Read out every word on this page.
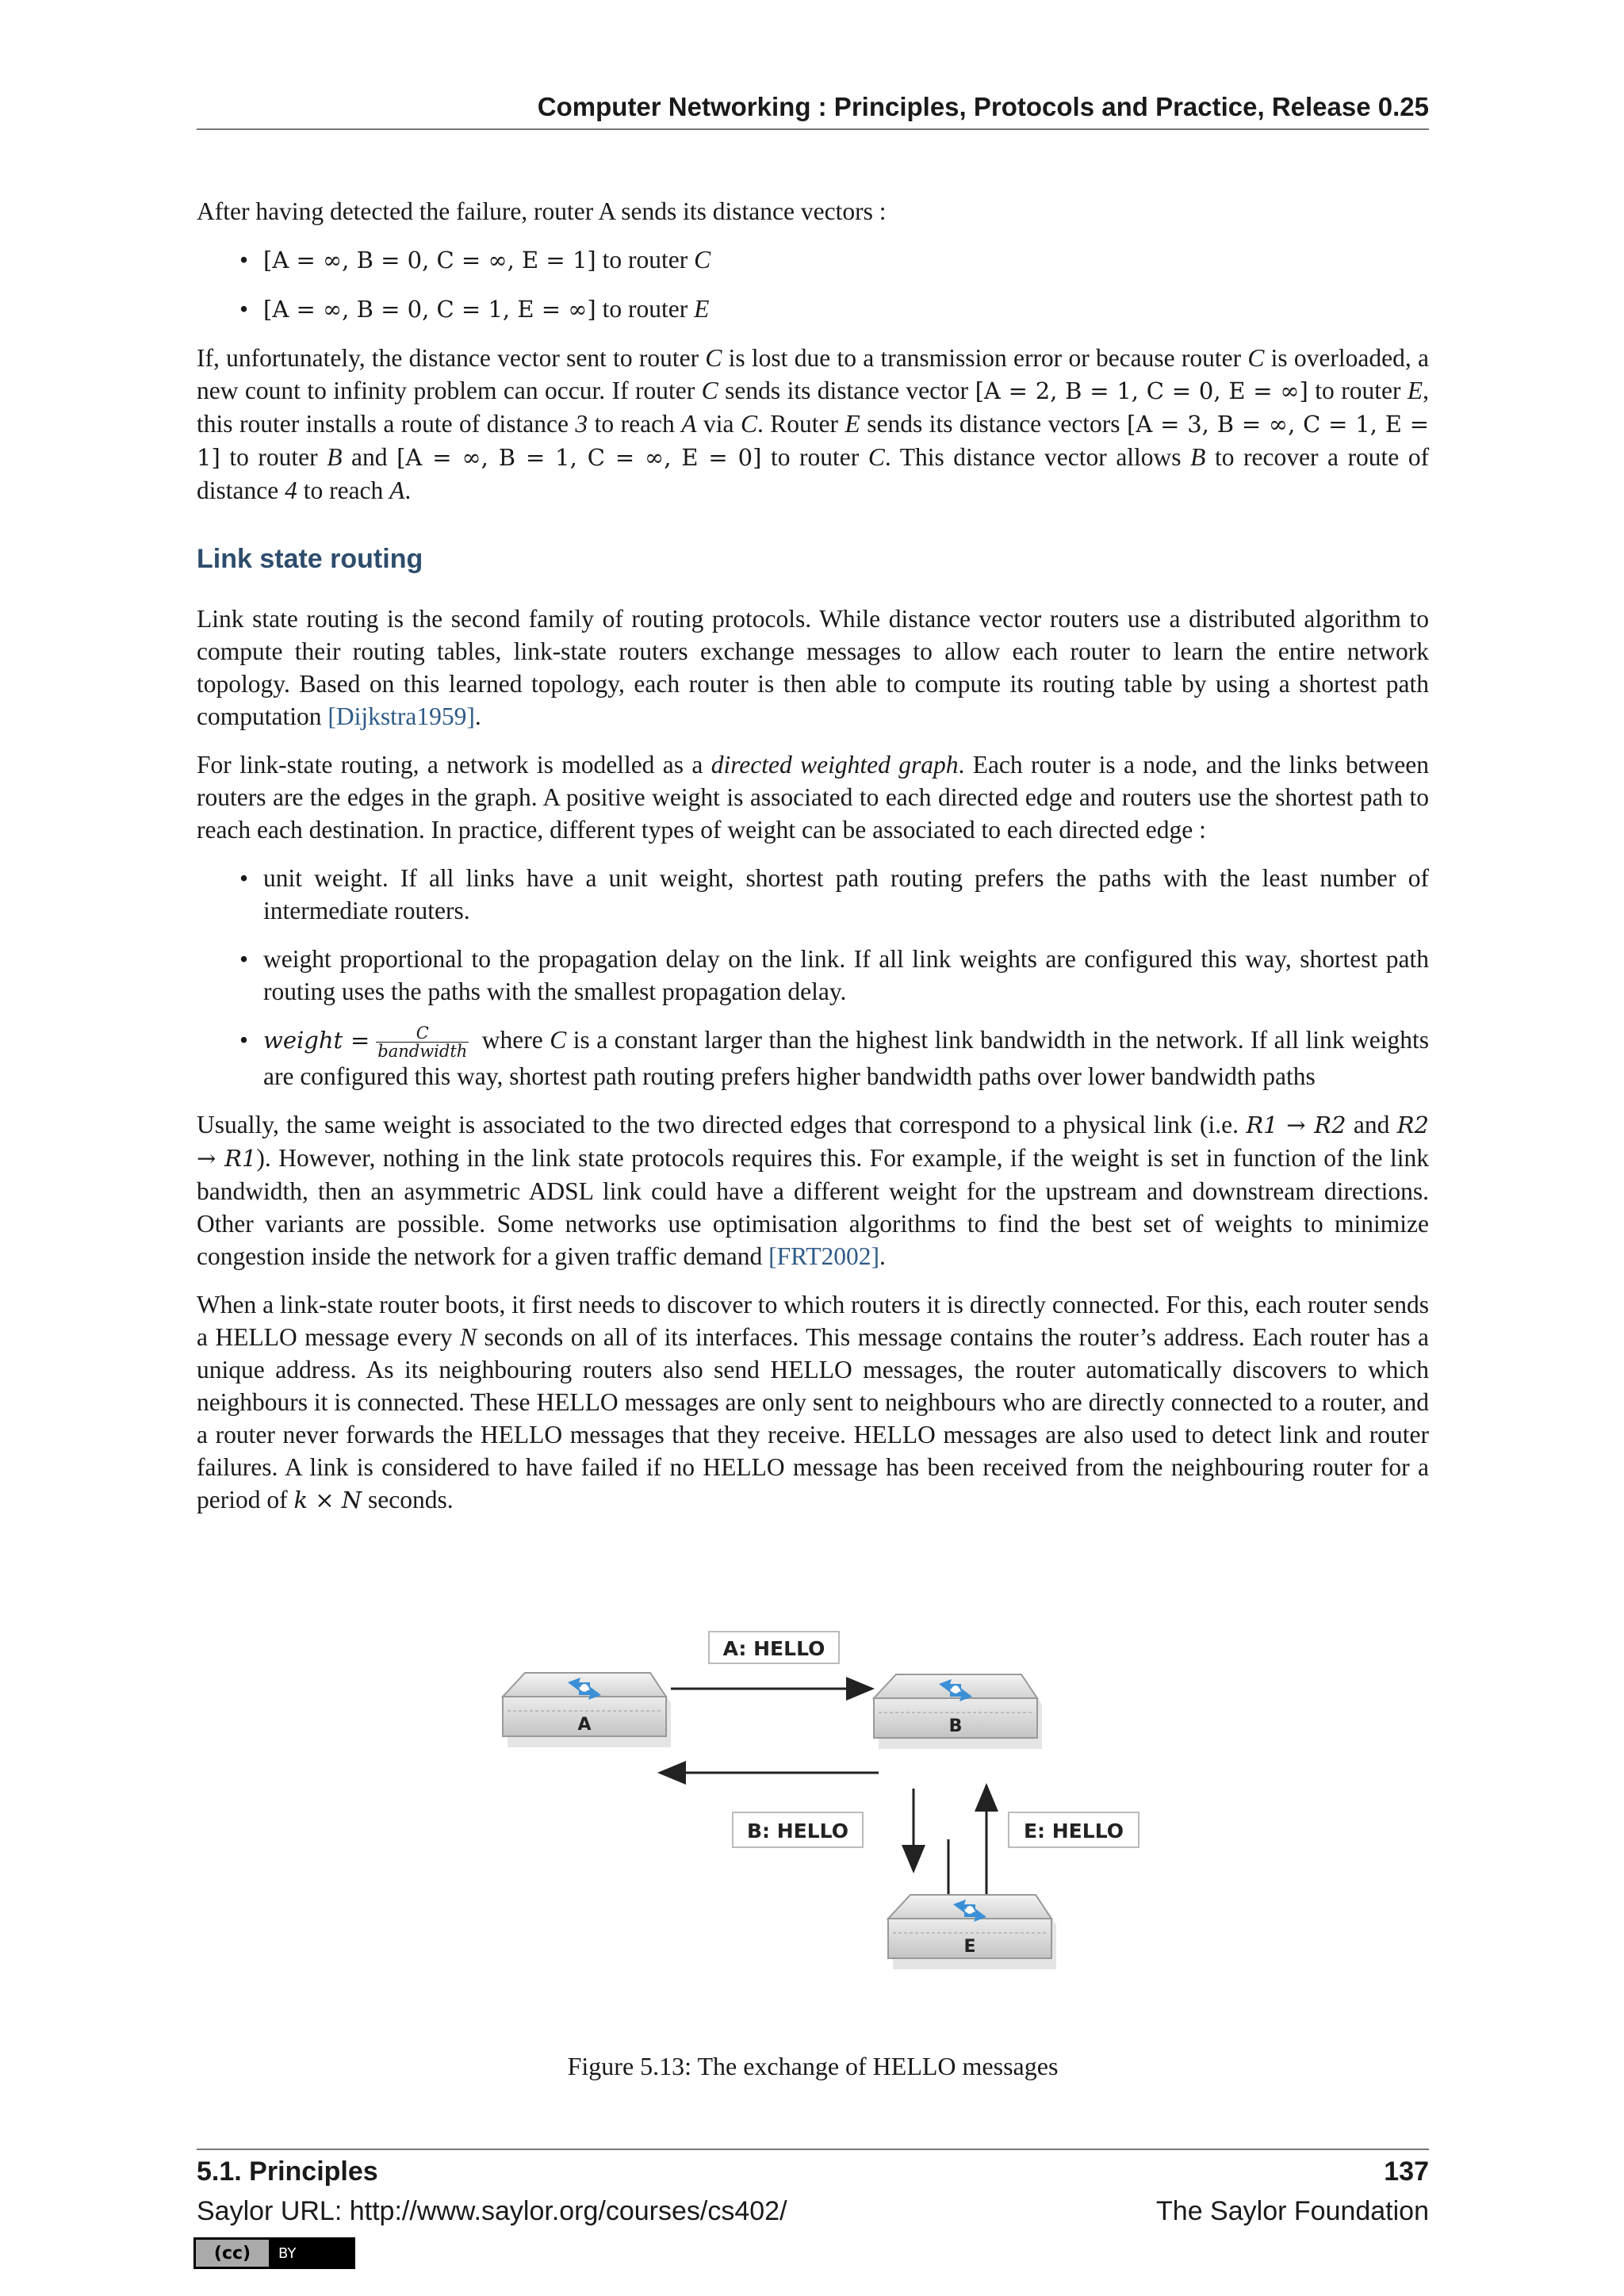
Computer Networking : Principles, Protocols and Practice, Release 0.25

After having detected the failure, router A sends its distance vectors :

• [A = ∞, B = 0, C = ∞, E = 1] to router C
• [A = ∞, B = 0, C = 1, E = ∞] to router E

If, unfortunately, the distance vector sent to router C is lost due to a transmission error or because router C is overloaded, a new count to infinity problem can occur. If router C sends its distance vector [A = 2, B = 1, C = 0, E = ∞] to router E, this router installs a route of distance 3 to reach A via C. Router E sends its distance vectors [A = 3, B = ∞, C = 1, E = 1] to router B and [A = ∞, B = 1, C = ∞, E = 0] to router C. This distance vector allows B to recover a route of distance 4 to reach A.

Link state routing

Link state routing is the second family of routing protocols. While distance vector routers use a distributed algorithm to compute their routing tables, link-state routers exchange messages to allow each router to learn the entire network topology. Based on this learned topology, each router is then able to compute its routing table by using a shortest path computation [Dijkstra1959].

For link-state routing, a network is modelled as a directed weighted graph. Each router is a node, and the links between routers are the edges in the graph. A positive weight is associated to each directed edge and routers use the shortest path to reach each destination. In practice, different types of weight can be associated to each directed edge :

• unit weight. If all links have a unit weight, shortest path routing prefers the paths with the least number of intermediate routers.
• weight proportional to the propagation delay on the link. If all link weights are configured this way, shortest path routing uses the paths with the smallest propagation delay.
• weight = $\frac{C}{\text{bandwidth}}$ where C is a constant larger than the highest link bandwidth in the network. If all link weights are configured this way, shortest path routing prefers higher bandwidth paths over lower bandwidth paths

Usually, the same weight is associated to the two directed edges that correspond to a physical link (i.e. R1 → R2 and R2 → R1). However, nothing in the link state protocols requires this. For example, if the weight is set in function of the link bandwidth, then an asymmetric ADSL link could have a different weight for the upstream and downstream directions. Other variants are possible. Some networks use optimisation algorithms to find the best set of weights to minimize congestion inside the network for a given traffic demand [FRT2002].

When a link-state router boots, it first needs to discover to which routers it is directly connected. For this, each router sends a HELLO message every N seconds on all of its interfaces. This message contains the router’s address. Each router has a unique address. As its neighbouring routers also send HELLO messages, the router automatically discovers to which neighbours it is connected. These HELLO messages are only sent to neighbours who are directly connected to a router, and a router never forwards the HELLO messages that they receive. HELLO messages are also used to detect link and router failures. A link is considered to have failed if no HELLO message has been received from the neighbouring router for a period of k × N seconds.

A: HELLO
B: HELLO	E: HELLO
A	B
E
Figure 5.13: The exchange of HELLO messages
5.1. Principles	137
Saylor URL: http://www.saylor.org/courses/cs402/	The Saylor Foundation
(cc)	BY
